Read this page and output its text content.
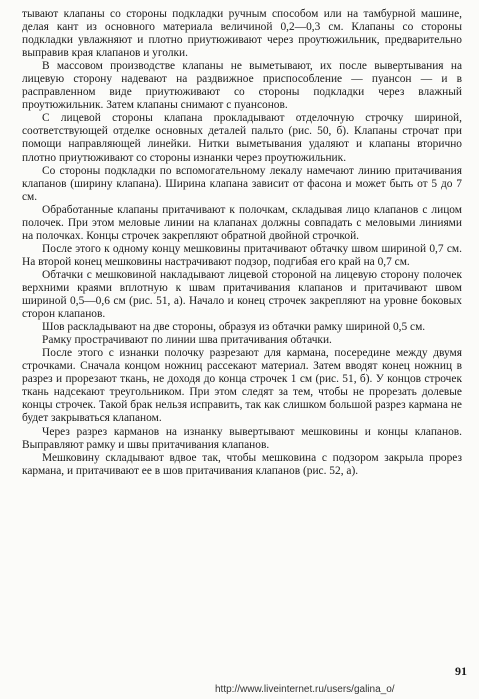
тывают клапаны со стороны подкладки ручным способом или на тамбурной машине, делая кант из основного материала величиной 0,2—0,3 см. Клапаны со стороны подкладки увлажняют и плотно приутюживают через проутюжильник, предварительно выправив края клапанов и уголки.

В массовом производстве клапаны не выметывают, их после вывертывания на лицевую сторону надевают на раздвижное приспособление — пуансон — и в расправленном виде приутюживают со стороны подкладки через влажный проутюжильник. Затем клапаны снимают с пуансонов.

С лицевой стороны клапана прокладывают отделочную строчку шириной, соответствующей отделке основных деталей пальто (рис. 50, б). Клапаны строчат при помощи направляющей линейки. Нитки выметывания удаляют и клапаны вторично плотно приутюживают со стороны изнанки через проутюжильник.

Со стороны подкладки по вспомогательному лекалу намечают линию притачивания клапанов (ширину клапана). Ширина клапана зависит от фасона и может быть от 5 до 7 см.

Обработанные клапаны притачивают к полочкам, складывая лицо клапанов с лицом полочек. При этом меловые линии на клапанах должны совпадать с меловыми линиями на полочках. Концы строчек закрепляют обратной двойной строчкой.

После этого к одному концу мешковины притачивают обтачку швом шириной 0,7 см. На второй конец мешковины настрачивают подзор, подгибая его край на 0,7 см.

Обтачки с мешковиной накладывают лицевой стороной на лицевую сторону полочек верхними краями вплотную к швам притачивания клапанов и притачивают швом шириной 0,5—0,6 см (рис. 51, а). Начало и конец строчек закрепляют на уровне боковых сторон клапанов.

Шов раскладывают на две стороны, образуя из обтачки рамку шириной 0,5 см.

Рамку прострачивают по линии шва притачивания обтачки.

После этого с изнанки полочку разрезают для кармана, посередине между двумя строчками. Сначала концом ножниц рассекают материал. Затем вводят конец ножниц в разрез и прорезают ткань, не доходя до конца строчек 1 см (рис. 51, б). У концов строчек ткань надсекают треугольником. При этом следят за тем, чтобы не прорезать долевые концы строчек. Такой брак нельзя исправить, так как слишком большой разрез кармана не будет закрываться клапаном.

Через разрез карманов на изнанку вывертывают мешковины и концы клапанов. Выправляют рамку и швы притачивания клапанов.

Мешковину складывают вдвое так, чтобы мешковина с подзором закрыла прорез кармана, и притачивают ее в шов притачивания клапанов (рис. 52, а).

91
http://www.liveinternet.ru/users/galina_o/
